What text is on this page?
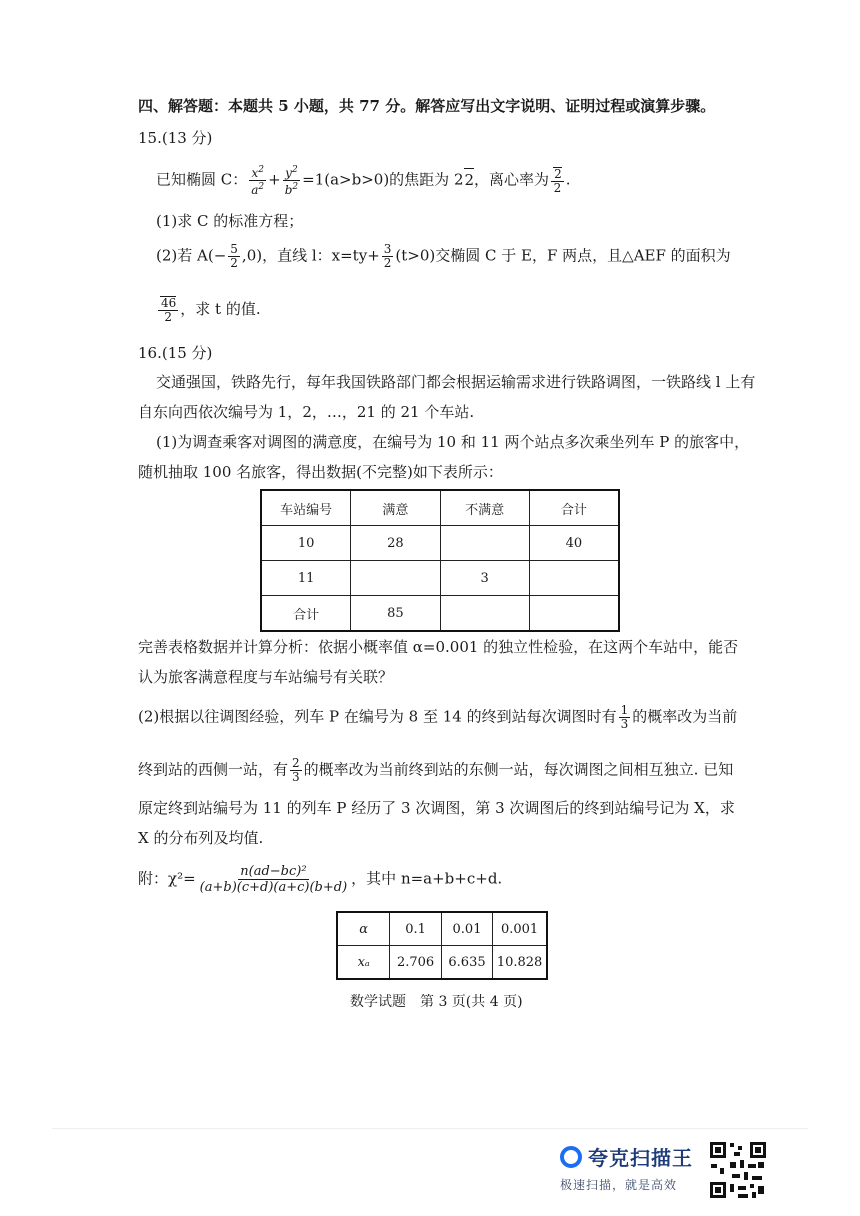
四、解答题：本题共 5 小题，共 77 分。解答应写出文字说明、证明过程或演算步骤。
15.(13 分)
已知椭圆 C： $\frac{x^2}{a^2} + \frac{y^2}{b^2} =1(a>b>0)$的焦距为 22，离心率为 $\frac{2}{2}$ .
(1)求 C 的标准方程；
(2)若 $A(- \frac{5}{2} ,0)$，直线 l：$x=ty+ \frac{3}{2} (t>0)$交椭圆 C 于 E，F 两点，且△AEF 的面积为
$\frac{46}{2}$ ，求 t 的值.
16.(15 分)
交通强国，铁路先行，每年我国铁路部门都会根据运输需求进行铁路调图，一铁路线 l 上有
自东向西依次编号为 1，2，…，21 的 21 个车站.
(1)为调查乘客对调图的满意度，在编号为 10 和 11 两个站点多次乘坐列车 P 的旅客中，
随机抽取 100 名旅客，得出数据(不完整)如下表所示：
车站编号	满意	不满意	合计
10	28		40
11		3	
合计	85		
完善表格数据并计算分析：依据小概率值 α=0.001 的独立性检验，在这两个车站中，能否
认为旅客满意程度与车站编号有关联？
(2)根据以往调图经验，列车 P 在编号为 8 至 14 的终到站每次调图时有 $\frac{1}{3}$ 的概率改为当前
终到站的西侧一站，有 $\frac{2}{3}$ 的概率改为当前终到站的东侧一站，每次调图之间相互独立. 已知
原定终到站编号为 11 的列车 P 经历了 3 次调图，第 3 次调图后的终到站编号记为 X，求
X 的分布列及均值.
附：$\chi^2= \frac{\text{n(ad−bc)²}}{(a+b)(c+d)(a+c)(b+d)}$ ，其中 n=a+b+c+d.
α	0.1	0.01	0.001
xₐ	2.706	6.635	10.828
数学试题　第 3 页(共 4 页)
夸克扫描王
极速扫描，就是高效
